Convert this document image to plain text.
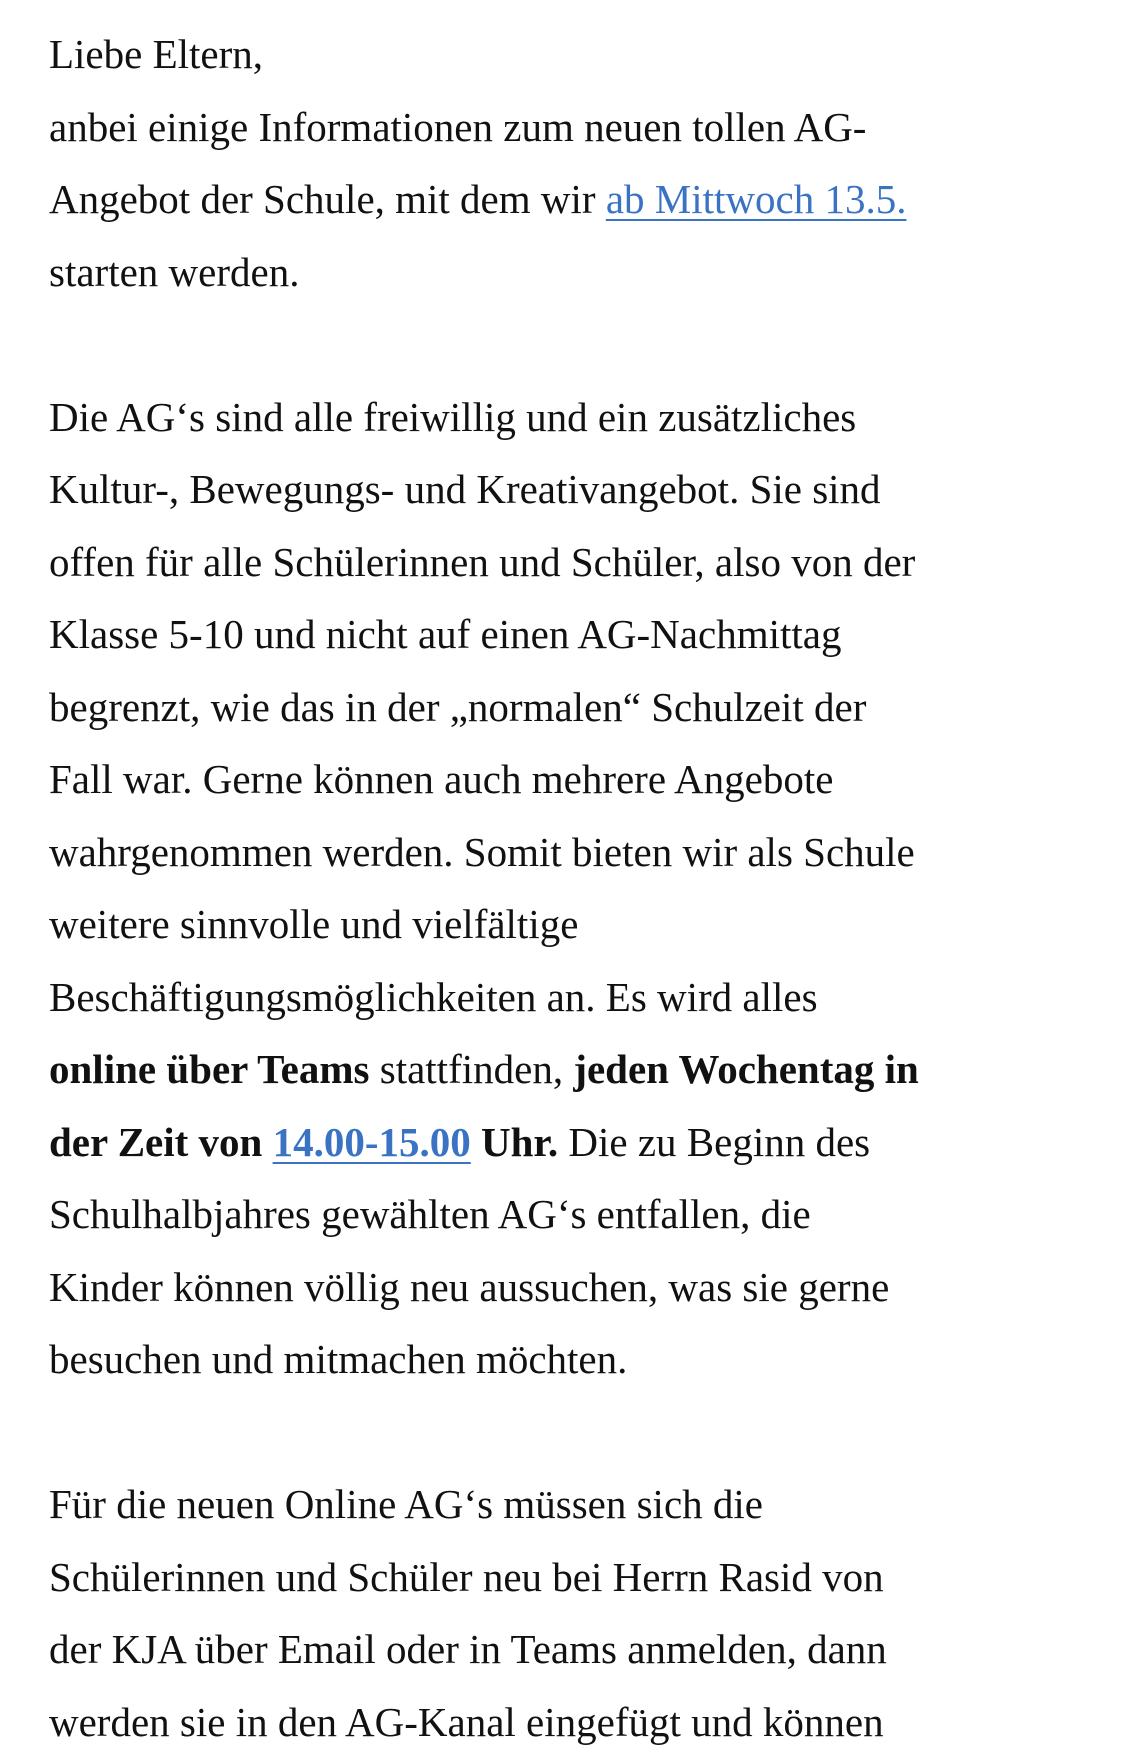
Liebe Eltern,

anbei einige Informationen zum neuen tollen AG-

Angebot der Schule, mit dem wir ab Mittwoch 13.5.

starten werden.

Die AG‘s sind alle freiwillig und ein zusätzliches

Kultur-, Bewegungs- und Kreativangebot. Sie sind

offen für alle Schülerinnen und Schüler, also von der

Klasse 5-10 und nicht auf einen AG-Nachmittag

begrenzt, wie das in der „normalen“ Schulzeit der

Fall war. Gerne können auch mehrere Angebote

wahrgenommen werden. Somit bieten wir als Schule

weitere sinnvolle und vielfältige

Beschäftigungsmöglichkeiten an. Es wird alles

online über Teams stattfinden, jeden Wochentag in

der Zeit von 14.00-15.00 Uhr. Die zu Beginn des

Schulhalbjahres gewählten AG‘s entfallen, die

Kinder können völlig neu aussuchen, was sie gerne

besuchen und mitmachen möchten.

Für die neuen Online AG‘s müssen sich die

Schülerinnen und Schüler neu bei Herrn Rasid von

der KJA über Email oder in Teams anmelden, dann

werden sie in den AG-Kanal eingefügt und können
